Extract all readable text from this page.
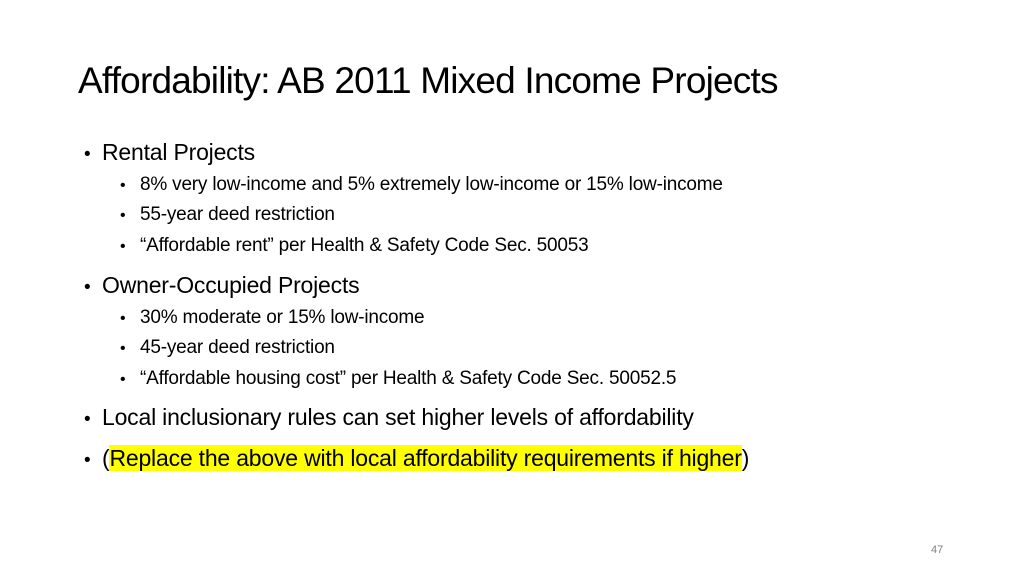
Affordability: AB 2011 Mixed Income Projects
• Rental Projects
• 8% very low-income and 5% extremely low-income or 15% low-income
• 55-year deed restriction
• “Affordable rent” per Health & Safety Code Sec. 50053
• Owner-Occupied Projects
• 30% moderate or 15% low-income
• 45-year deed restriction
• “Affordable housing cost” per Health & Safety Code Sec. 50052.5
• Local inclusionary rules can set higher levels of affordability
• (Replace the above with local affordability requirements if higher)
47
